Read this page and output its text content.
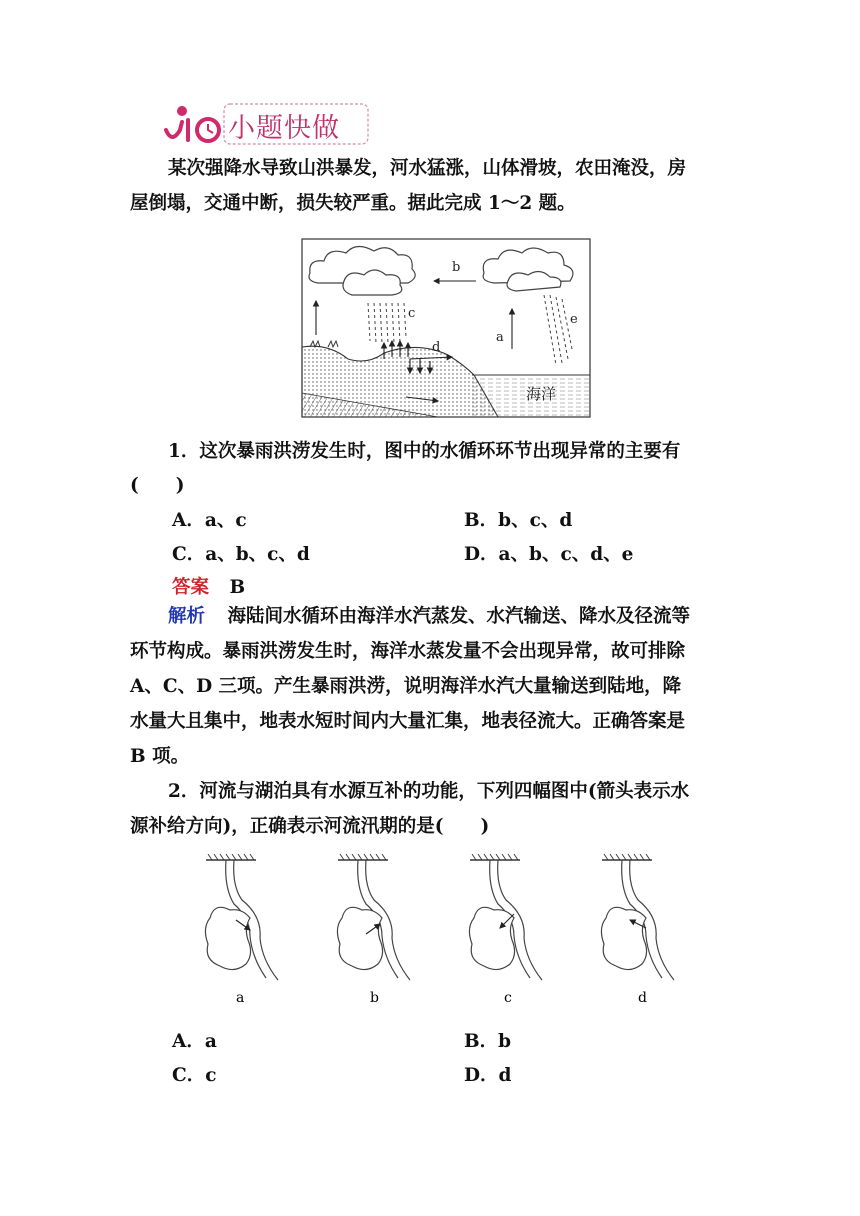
小题快做
某次强降水导致山洪暴发，河水猛涨，山体滑坡，农田淹没，房
屋倒塌，交通中断，损失较严重。据此完成 1～2 题。
b
c
d
a
e
海洋
1．这次暴雨洪涝发生时，图中的水循环环节出现异常的主要有
(　　)
A．a、c	B．b、c、d
C．a、b、c、d	D．a、b、c、d、e
答案 B
解析 海陆间水循环由海洋水汽蒸发、水汽输送、降水及径流等
环节构成。暴雨洪涝发生时，海洋水蒸发量不会出现异常，故可排除
A、C、D 三项。产生暴雨洪涝，说明海洋水汽大量输送到陆地，降
水量大且集中，地表水短时间内大量汇集，地表径流大。正确答案是
B 项。
2．河流与湖泊具有水源互补的功能，下列四幅图中(箭头表示水
源补给方向)，正确表示河流汛期的是(　　)
a	b	c	d
A．a	B．b
C．c	D．d
